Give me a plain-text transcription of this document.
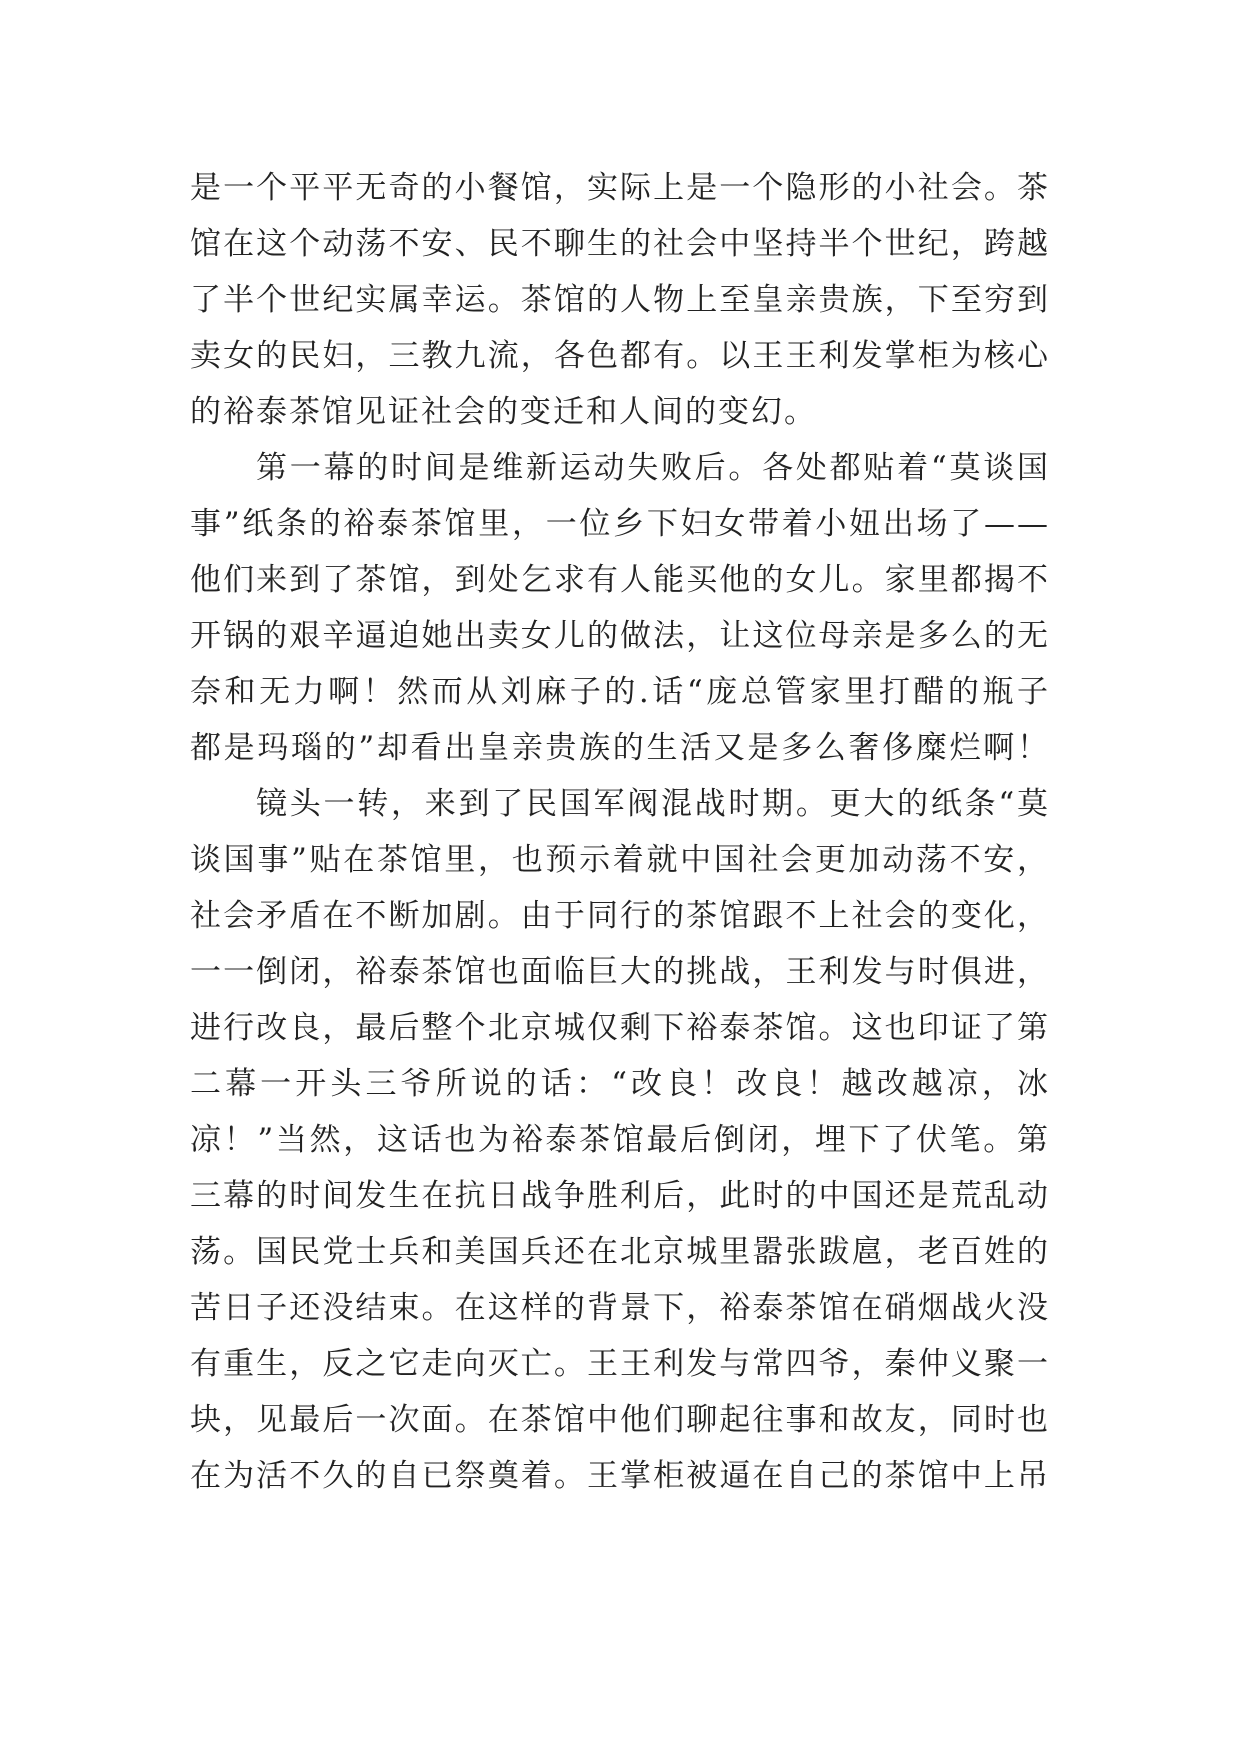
是一个平平无奇的小餐馆，实际上是一个隐形的小社会。茶
馆在这个动荡不安、民不聊生的社会中坚持半个世纪，跨越
了半个世纪实属幸运。茶馆的人物上至皇亲贵族，下至穷到
卖女的民妇，三教九流，各色都有。以王王利发掌柜为核心
的裕泰茶馆见证社会的变迁和人间的变幻。
第一幕的时间是维新运动失败后。各处都贴着“莫谈国
事”纸条的裕泰茶馆里，一位乡下妇女带着小妞出场了——
他们来到了茶馆，到处乞求有人能买他的女儿。家里都揭不
开锅的艰辛逼迫她出卖女儿的做法，让这位母亲是多么的无
奈和无力啊！然而从刘麻子的.话“庞总管家里打醋的瓶子
都是玛瑙的”却看出皇亲贵族的生活又是多么奢侈糜烂啊！
镜头一转，来到了民国军阀混战时期。更大的纸条“莫
谈国事”贴在茶馆里，也预示着就中国社会更加动荡不安，
社会矛盾在不断加剧。由于同行的茶馆跟不上社会的变化，
一一倒闭，裕泰茶馆也面临巨大的挑战，王利发与时俱进，
进行改良，最后整个北京城仅剩下裕泰茶馆。这也印证了第
二幕一开头三爷所说的话：“改良！改良！越改越凉，冰
凉！”当然，这话也为裕泰茶馆最后倒闭，埋下了伏笔。第
三幕的时间发生在抗日战争胜利后，此时的中国还是荒乱动
荡。国民党士兵和美国兵还在北京城里嚣张跋扈，老百姓的
苦日子还没结束。在这样的背景下，裕泰茶馆在硝烟战火没
有重生，反之它走向灭亡。王王利发与常四爷，秦仲义聚一
块，见最后一次面。在茶馆中他们聊起往事和故友，同时也
在为活不久的自已祭奠着。王掌柜被逼在自己的茶馆中上吊
